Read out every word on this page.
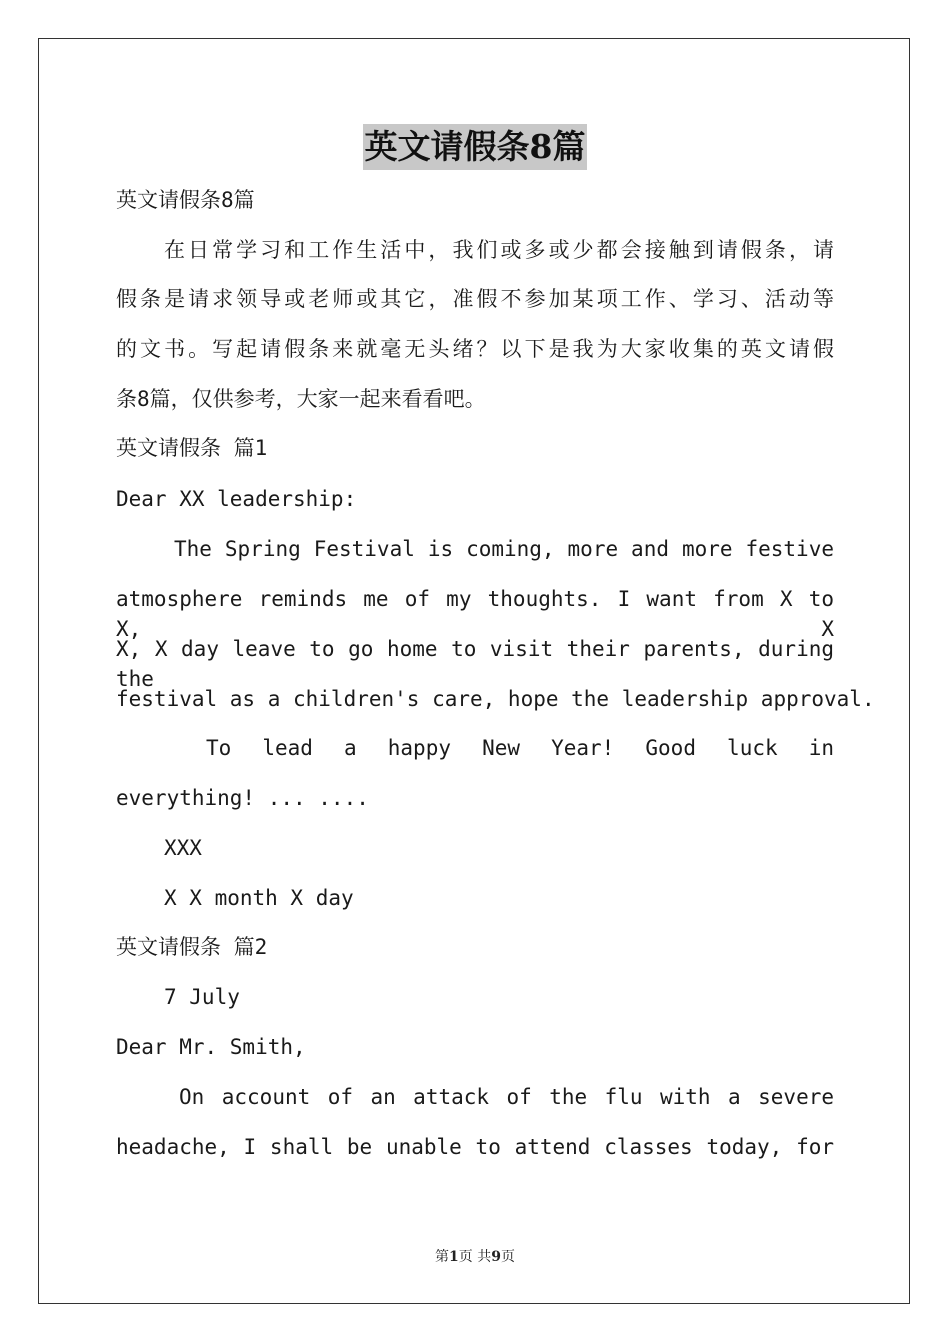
英文请假条8篇
英文请假条8篇
在日常学习和工作生活中，我们或多或少都会接触到请假条，请
假条是请求领导或老师或其它，准假不参加某项工作、学习、活动等
的文书。写起请假条来就毫无头绪？以下是我为大家收集的英文请假
条8篇，仅供参考，大家一起来看看吧。
英文请假条 篇1
Dear XX leadership:
The Spring Festival is coming, more and more festive
atmosphere reminds me of my thoughts. I want from X to X, X
X, X day leave to go home to visit their parents, during the
festival as a children's care, hope the leadership approval.
To lead a happy New Year! Good luck in
everything! ... ....
XXX
X X month X day
英文请假条 篇2
7 July
Dear Mr. Smith,
On account of an attack of the flu with a severe
headache, I shall be unable to attend classes today, for
第1页 共9页
